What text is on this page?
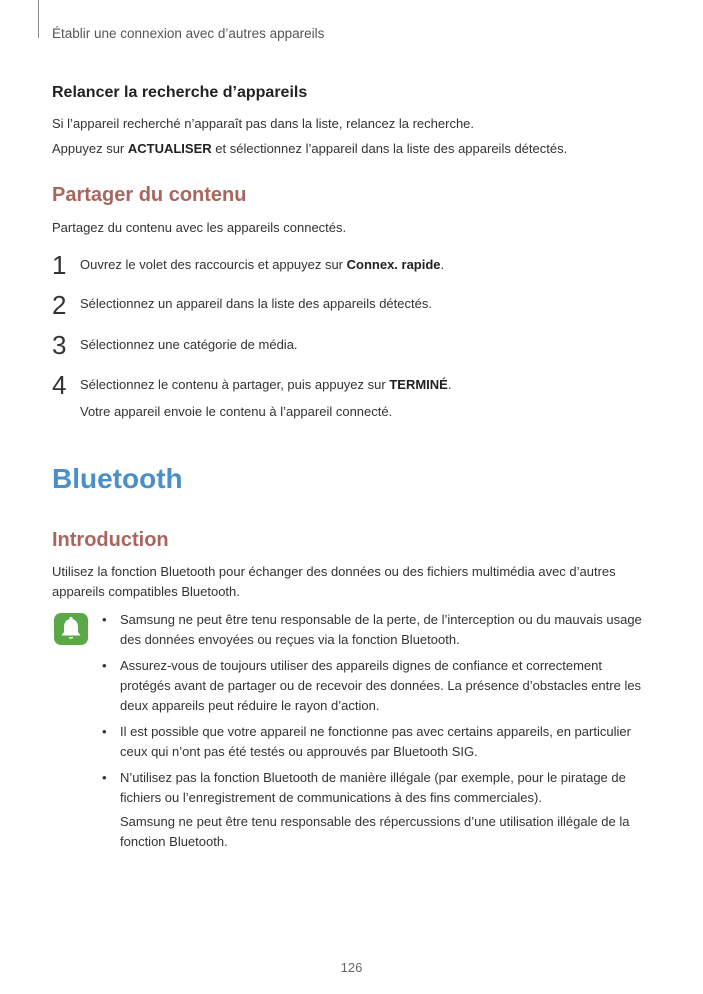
Établir une connexion avec d’autres appareils
Relancer la recherche d’appareils
Si l’appareil recherché n’apparaît pas dans la liste, relancez la recherche.
Appuyez sur ACTUALISER et sélectionnez l’appareil dans la liste des appareils détectés.
Partager du contenu
Partagez du contenu avec les appareils connectés.
1 Ouvrez le volet des raccourcis et appuyez sur Connex. rapide.
2 Sélectionnez un appareil dans la liste des appareils détectés.
3 Sélectionnez une catégorie de média.
4 Sélectionnez le contenu à partager, puis appuyez sur TERMINÉ.
Votre appareil envoie le contenu à l’appareil connecté.
Bluetooth
Introduction
Utilisez la fonction Bluetooth pour échanger des données ou des fichiers multimédia avec d’autres appareils compatibles Bluetooth.
• Samsung ne peut être tenu responsable de la perte, de l’interception ou du mauvais usage des données envoyées ou reçues via la fonction Bluetooth.
• Assurez-vous de toujours utiliser des appareils dignes de confiance et correctement protégés avant de partager ou de recevoir des données. La présence d’obstacles entre les deux appareils peut réduire le rayon d’action.
• Il est possible que votre appareil ne fonctionne pas avec certains appareils, en particulier ceux qui n’ont pas été testés ou approuvés par Bluetooth SIG.
• N’utilisez pas la fonction Bluetooth de manière illégale (par exemple, pour le piratage de fichiers ou l’enregistrement de communications à des fins commerciales).
Samsung ne peut être tenu responsable des répercussions d’une utilisation illégale de la fonction Bluetooth.
126
